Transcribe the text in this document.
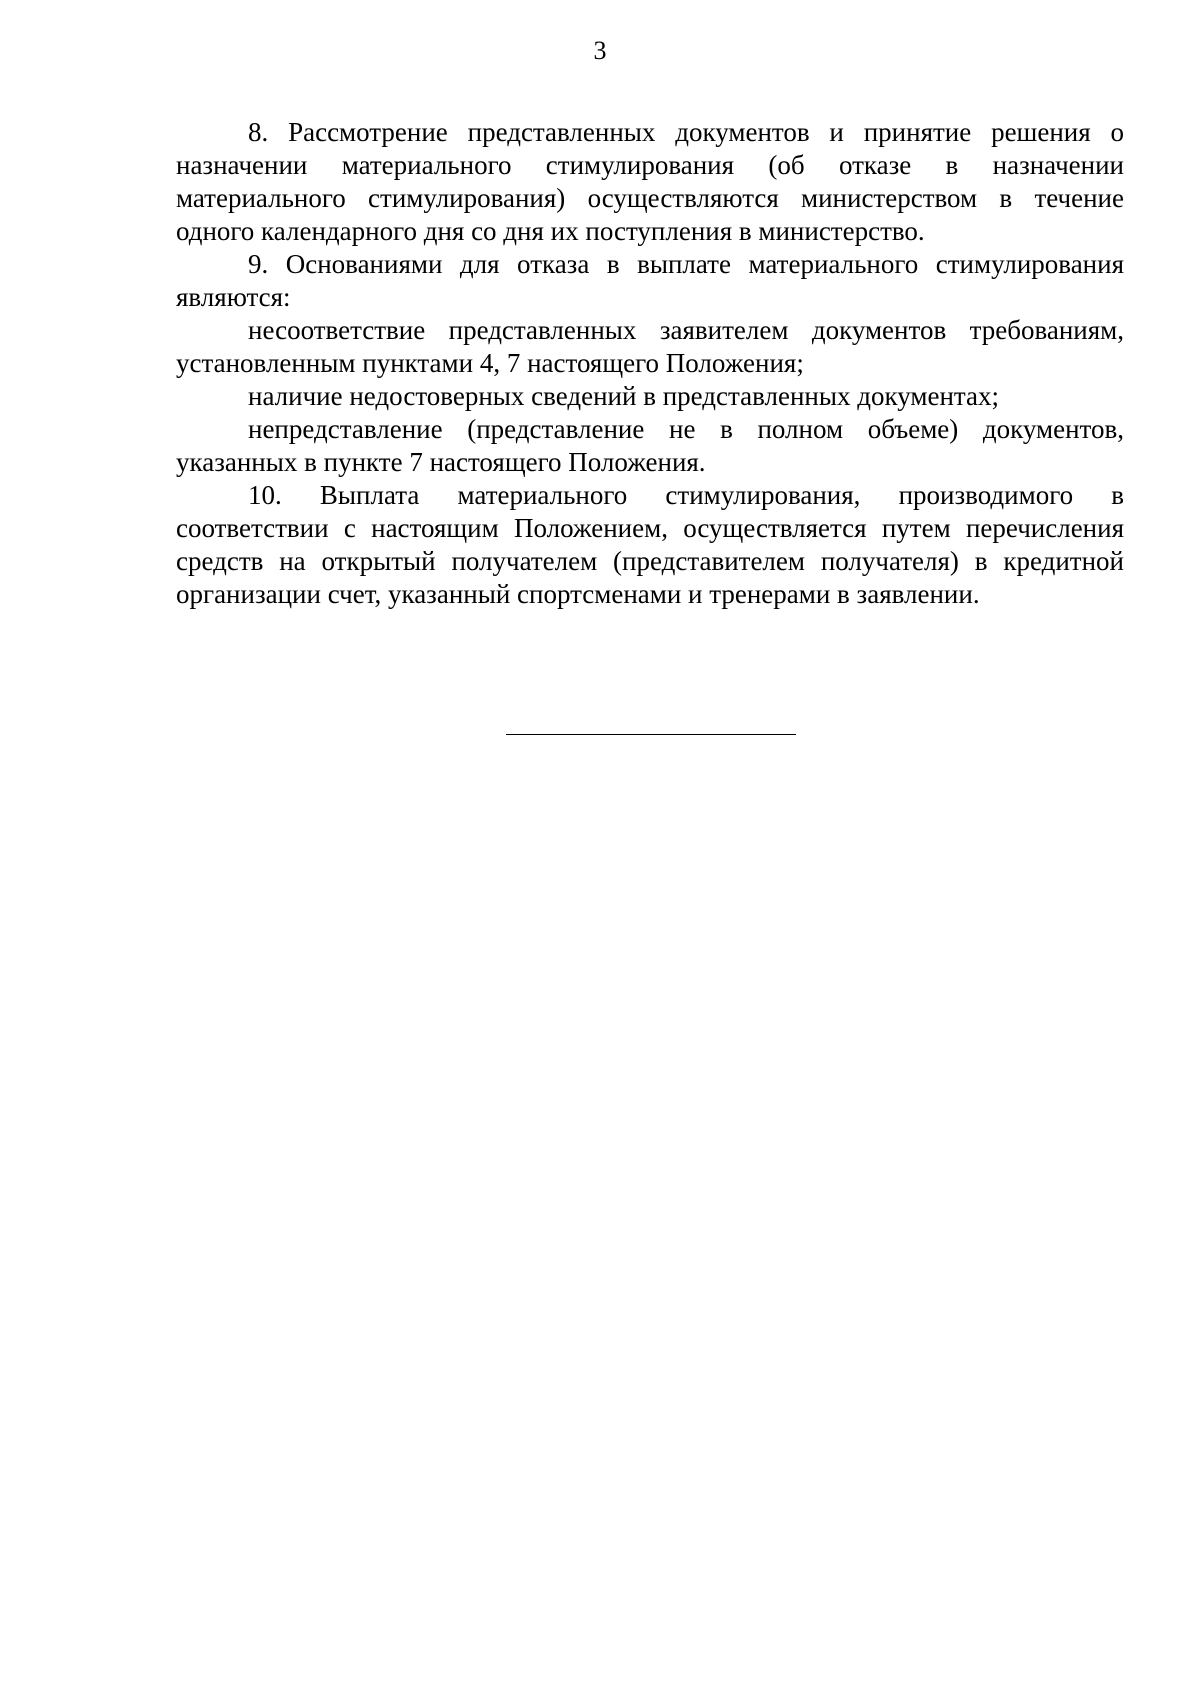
3

8. Рассмотрение представленных документов и принятие решения о назначении материального стимулирования (об отказе в назначении материального стимулирования) осуществляются министерством в течение одного календарного дня со дня их поступления в министерство.

9. Основаниями для отказа в выплате материального стимулирования являются:

несоответствие представленных заявителем документов требованиям, установленным пунктами 4, 7 настоящего Положения;

наличие недостоверных сведений в представленных документах;

непредставление (представление не в полном объеме) документов, указанных в пункте 7 настоящего Положения.

10. Выплата материального стимулирования, производимого в соответствии с настоящим Положением, осуществляется путем перечисления средств на открытый получателем (представителем получателя) в кредитной организации счет, указанный спортсменами и тренерами в заявлении.
